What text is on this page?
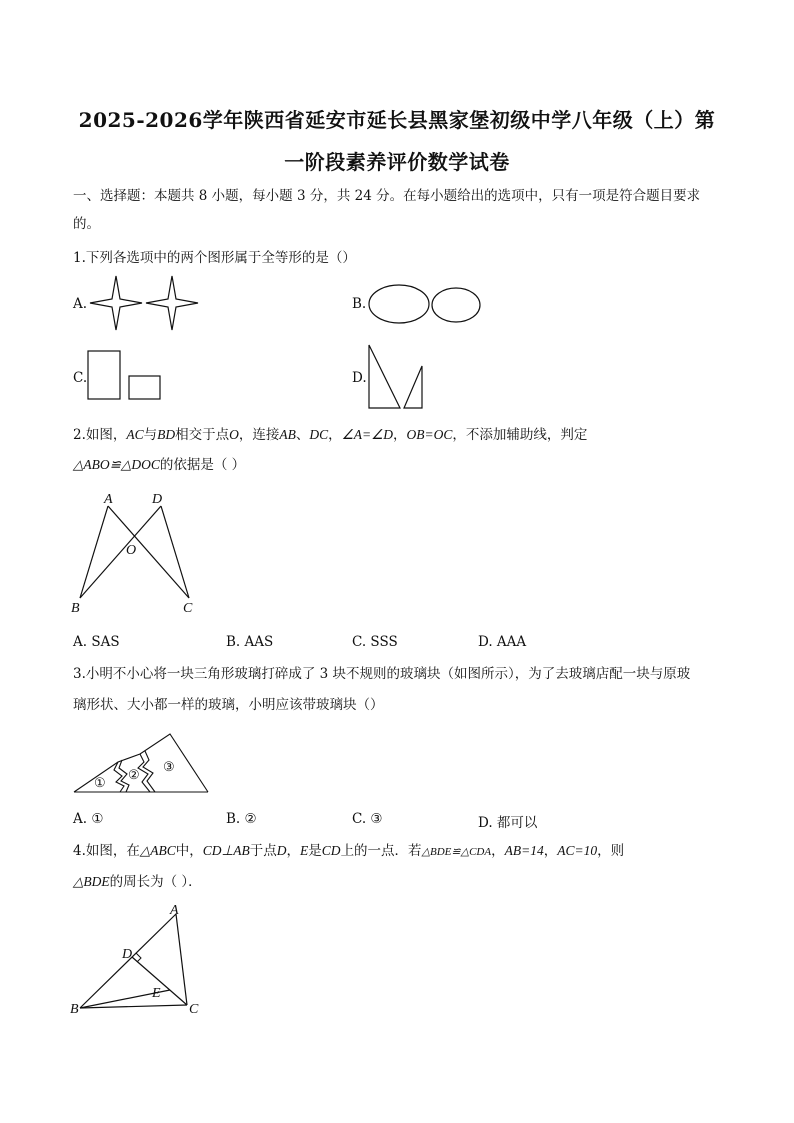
2025-2026学年陕西省延安市延长县黑家堡初级中学八年级（上）第
一阶段素养评价数学试卷
一、选择题：本题共 8 小题，每小题 3 分，共 24 分。在每小题给出的选项中，只有一项是符合题目要求
的。
1.下列各选项中的两个图形属于全等形的是（）
A.	B.
C.	D.
2.如图，AC与BD相交于点O，连接AB、DC，∠A=∠D，OB=OC，不添加辅助线，判定
△ABO≌△DOC的依据是（ ）
A	D
O
B	C
A. SAS	B. AAS	C. SSS	D. AAA
3.小明不小心将一块三角形玻璃打碎成了 3 块不规则的玻璃块（如图所示），为了去玻璃店配一块与原玻
璃形状、大小都一样的玻璃，小明应该带玻璃块（）
①
②
③
A. ①	B. ②	C. ③	D. 都可以
4.如图，在△ABC中，CD⊥AB于点D，E是CD上的一点．若△BDE≌△CDA，AB=14，AC=10，则
△BDE的周长为（ ）．
A
D
E
B	C
